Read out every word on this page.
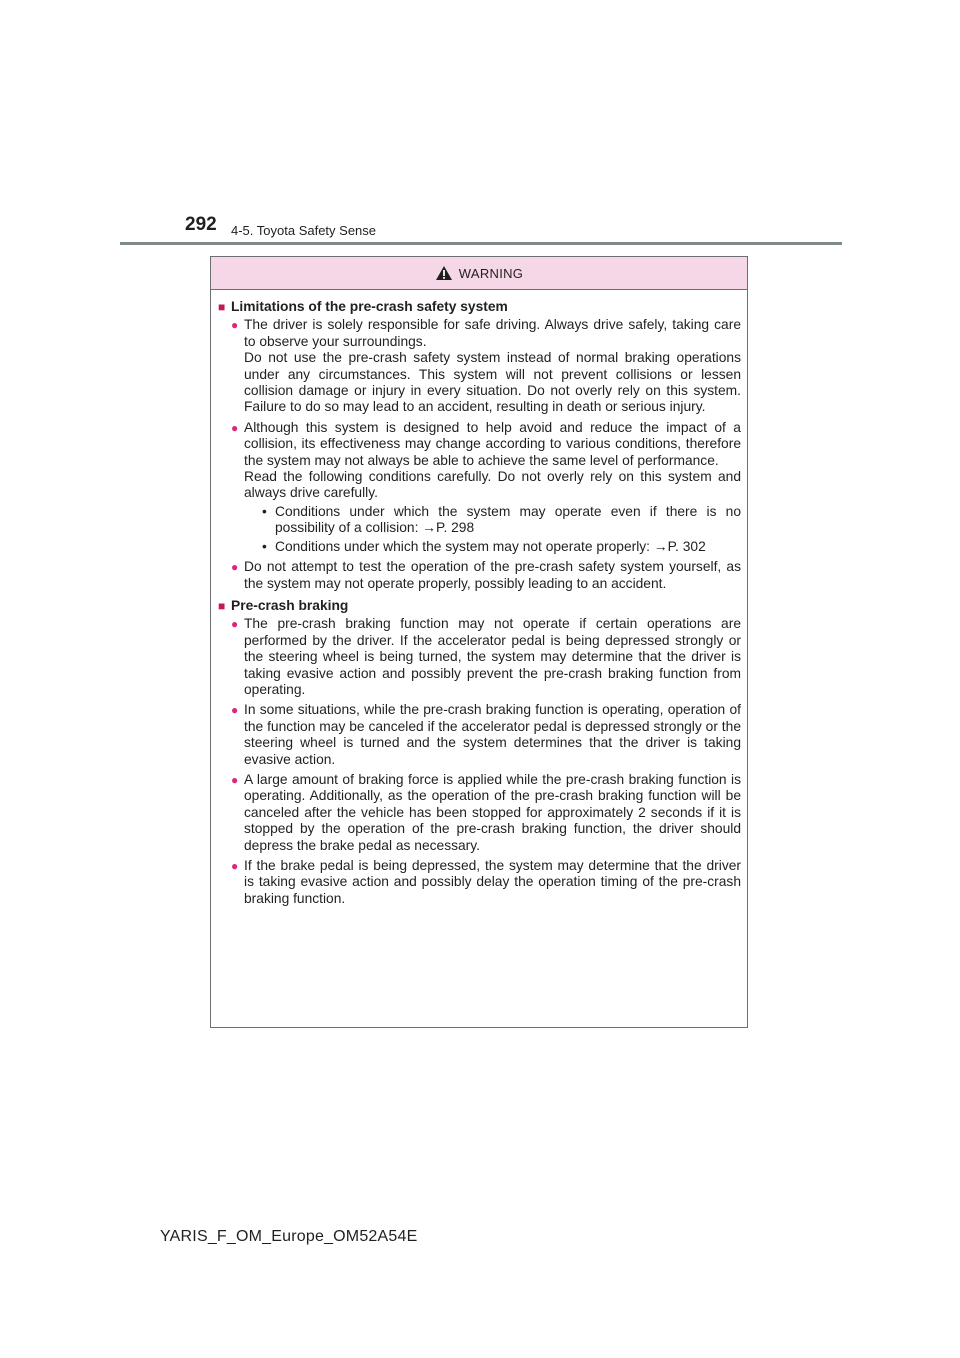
292 4-5. Toyota Safety Sense
WARNING
■ Limitations of the pre-crash safety system
● The driver is solely responsible for safe driving. Always drive safely, taking care to observe your surroundings.
Do not use the pre-crash safety system instead of normal braking operations under any circumstances. This system will not prevent collisions or lessen collision damage or injury in every situation. Do not overly rely on this system. Failure to do so may lead to an accident, resulting in death or serious injury.
● Although this system is designed to help avoid and reduce the impact of a collision, its effectiveness may change according to various conditions, therefore the system may not always be able to achieve the same level of performance.
Read the following conditions carefully. Do not overly rely on this system and always drive carefully.
• Conditions under which the system may operate even if there is no possibility of a collision: →P. 298
• Conditions under which the system may not operate properly: →P. 302
● Do not attempt to test the operation of the pre-crash safety system yourself, as the system may not operate properly, possibly leading to an accident.
■ Pre-crash braking
● The pre-crash braking function may not operate if certain operations are performed by the driver. If the accelerator pedal is being depressed strongly or the steering wheel is being turned, the system may determine that the driver is taking evasive action and possibly prevent the pre-crash braking function from operating.
● In some situations, while the pre-crash braking function is operating, operation of the function may be canceled if the accelerator pedal is depressed strongly or the steering wheel is turned and the system determines that the driver is taking evasive action.
● A large amount of braking force is applied while the pre-crash braking function is operating. Additionally, as the operation of the pre-crash braking function will be canceled after the vehicle has been stopped for approximately 2 seconds if it is stopped by the operation of the pre-crash braking function, the driver should depress the brake pedal as necessary.
● If the brake pedal is being depressed, the system may determine that the driver is taking evasive action and possibly delay the operation timing of the pre-crash braking function.
YARIS_F_OM_Europe_OM52A54E
